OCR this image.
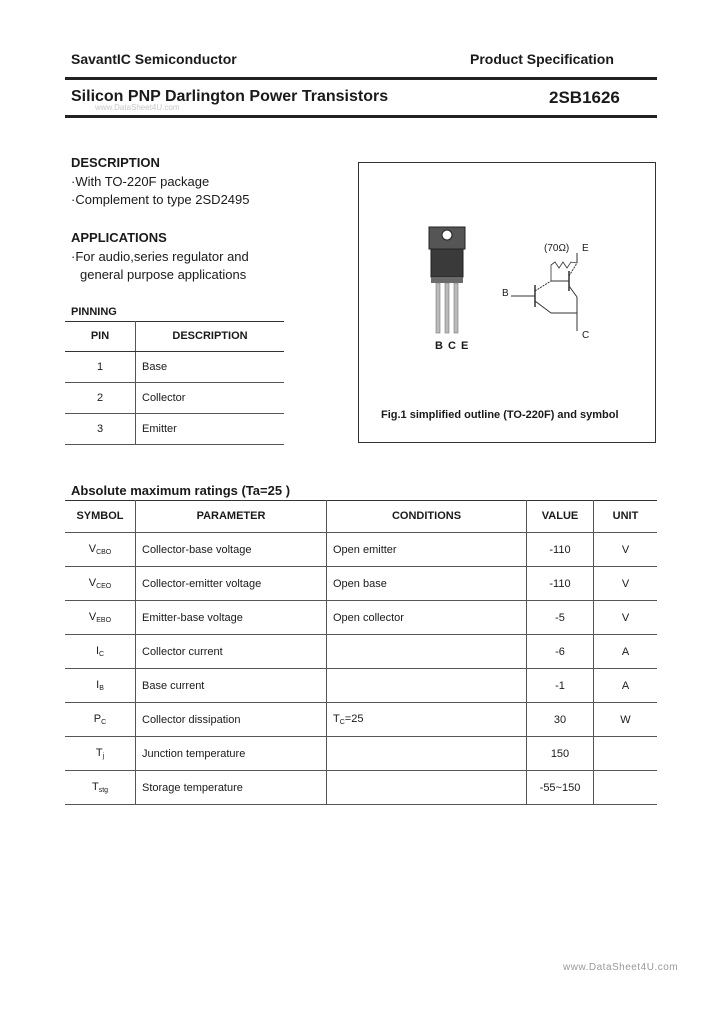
SavantIC Semiconductor	Product Specification
Silicon PNP Darlington Power Transistors	2SB1626
www.DataSheet4U.com
DESCRIPTION
·With TO-220F package
·Complement to type 2SD2495
APPLICATIONS
·For audio,series regulator and
general purpose applications
PINNING
PIN	DESCRIPTION
1	Base
2	Collector
3	Emitter
B C E
(70Ω) E
B
C
Fig.1 simplified outline (TO-220F) and symbol
Absolute maximum ratings (Ta=25 )
SYMBOL	PARAMETER	CONDITIONS	VALUE	UNIT
$V_{CBO}$	Collector-base voltage	Open emitter	-110	V
$V_{CEO}$	Collector-emitter voltage	Open base	-110	V
$V_{EBO}$	Emitter-base voltage	Open collector	-5	V
$I_C$	Collector current		-6	A
$I_B$	Base current		-1	A
$P_C$	Collector dissipation	$T_C=25$	30	W
$T_j$	Junction temperature		150	
$T_{stg}$	Storage temperature		-55~150	
www.DataSheet4U.com
